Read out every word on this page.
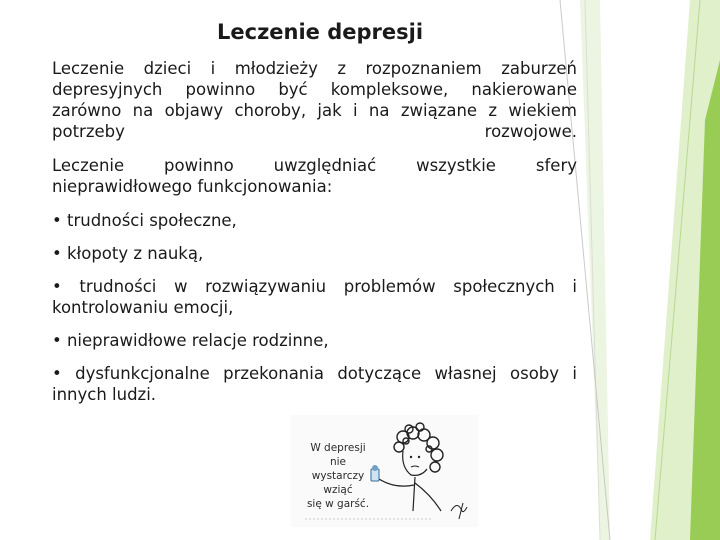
Leczenie depresji

Leczenie dzieci i młodzieży z rozpoznaniem zaburzeń depresyjnych powinno być kompleksowe, nakierowane zarówno na objawy choroby, jak i na związane z wiekiem potrzeby rozwojowe.

Leczenie powinno uwzględniać wszystkie sfery nieprawidłowego funkcjonowania:

• trudności społeczne,

• kłopoty z nauką,

• trudności w rozwiązywaniu problemów społecznych i kontrolowaniu emocji,

• nieprawidłowe relacje rodzinne,

• dysfunkcjonalne przekonania dotyczące własnej osoby i innych ludzi.

W depresji
nie
wystarczy
wziąć
się w garść.
